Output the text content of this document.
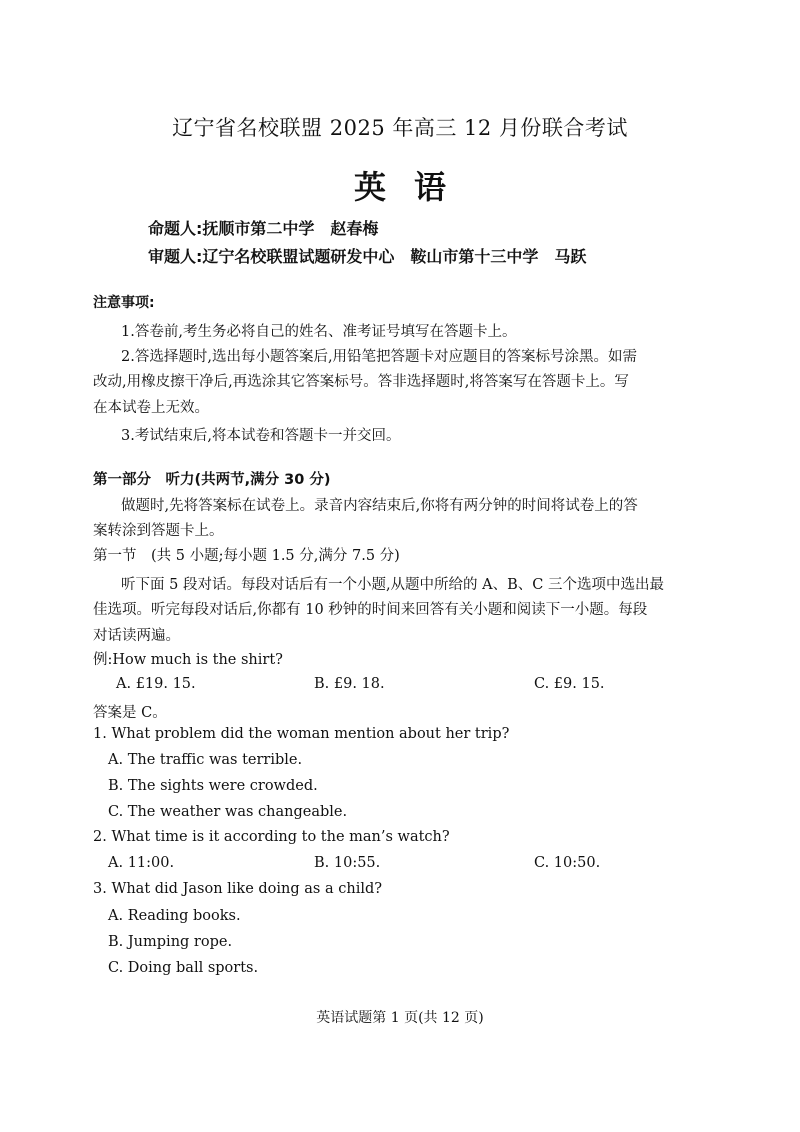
辽宁省名校联盟 2025 年高三 12 月份联合考试
英语
命题人:抚顺市第二中学　赵春梅
审题人:辽宁名校联盟试题研发中心　鞍山市第十三中学　马跃
注意事项:
1.答卷前,考生务必将自己的姓名、准考证号填写在答题卡上。
2.答选择题时,选出每小题答案后,用铅笔把答题卡对应题目的答案标号涂黑。如需
改动,用橡皮擦干净后,再选涂其它答案标号。答非选择题时,将答案写在答题卡上。写
在本试卷上无效。
3.考试结束后,将本试卷和答题卡一并交回。
第一部分　听力(共两节,满分 30 分)
做题时,先将答案标在试卷上。录音内容结束后,你将有两分钟的时间将试卷上的答
案转涂到答题卡上。
第一节　(共 5 小题;每小题 1.5 分,满分 7.5 分)
听下面 5 段对话。每段对话后有一个小题,从题中所给的 A、B、C 三个选项中选出最
佳选项。听完每段对话后,你都有 10 秒钟的时间来回答有关小题和阅读下一小题。每段
对话读两遍。
例:How much is the shirt?
A. £19. 15.	B. £9. 18.	C. £9. 15.
答案是 C。
1. What problem did the woman mention about her trip?
A. The traffic was terrible.
B. The sights were crowded.
C. The weather was changeable.
2. What time is it according to the man’s watch?
A. 11:00.	B. 10:55.	C. 10:50.
3. What did Jason like doing as a child?
A. Reading books.
B. Jumping rope.
C. Doing ball sports.
英语试题第 1 页(共 12 页)
